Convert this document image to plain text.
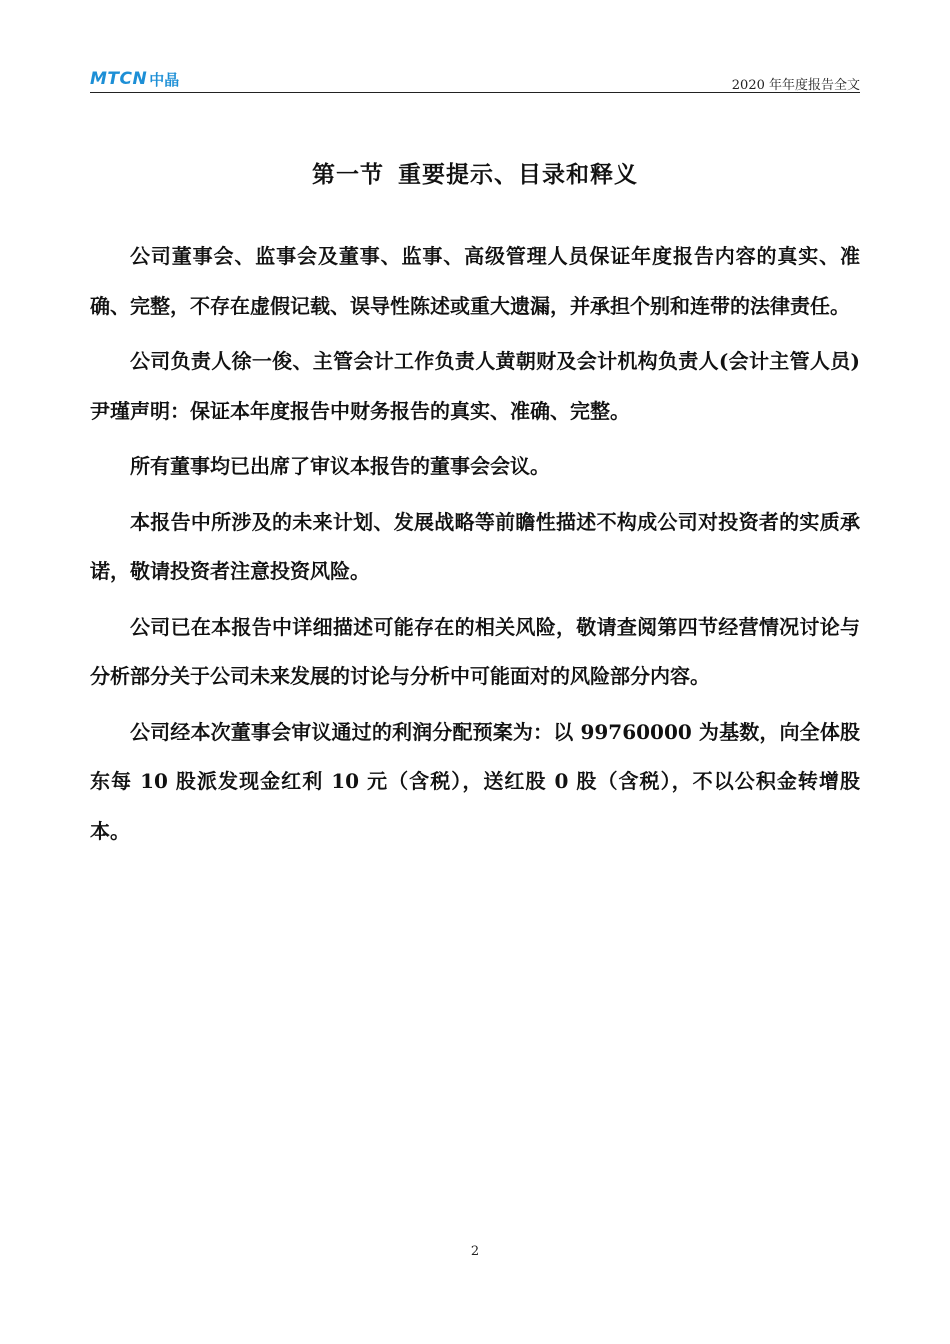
MTCN 中晶	2020 年年度报告全文
第一节 重要提示、目录和释义

公司董事会、监事会及董事、监事、高级管理人员保证年度报告内容的真实、准确、完整，不存在虚假记载、误导性陈述或重大遗漏，并承担个别和连带的法律责任。

公司负责人徐一俊、主管会计工作负责人黄朝财及会计机构负责人(会计主管人员)尹瑾声明：保证本年度报告中财务报告的真实、准确、完整。

所有董事均已出席了审议本报告的董事会会议。

本报告中所涉及的未来计划、发展战略等前瞻性描述不构成公司对投资者的实质承诺，敬请投资者注意投资风险。

公司已在本报告中详细描述可能存在的相关风险，敬请查阅第四节经营情况讨论与分析部分关于公司未来发展的讨论与分析中可能面对的风险部分内容。

公司经本次董事会审议通过的利润分配预案为：以 99760000 为基数，向全体股东每 10 股派发现金红利 10 元（含税），送红股 0 股（含税），不以公积金转增股本。

2
